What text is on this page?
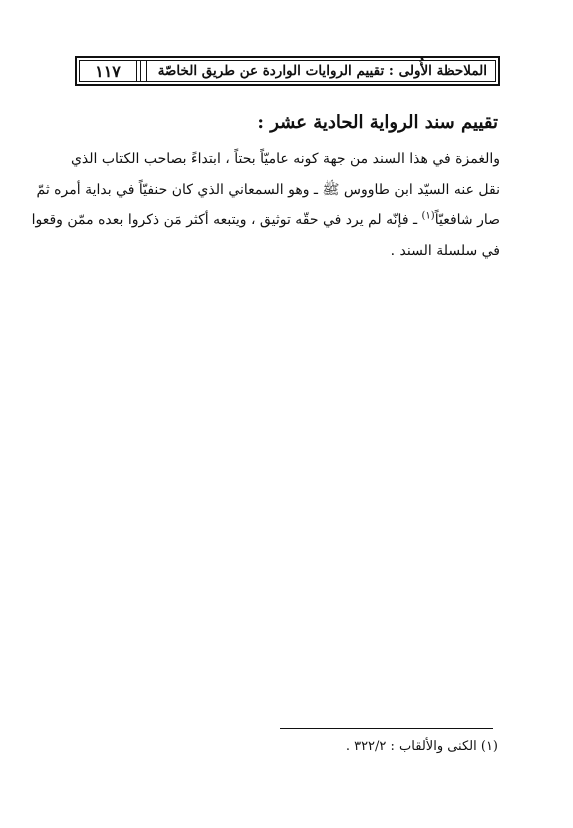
١١٧	الملاحظة الأُولى : تقييم الروايات الواردة عن طريق الخاصّة
تقييم سند الرواية الحادية عشر :
والغمزة في هذا السند من جهة كونه عاميّاً بحتاً ، ابتداءً بصاحب الكتاب الذي
نقل عنه السيّد ابن طاووس ﷺ ـ وهو السمعاني الذي كان حنفيّاً في بداية أمره ثمّ
صار شافعيّاً$^{(١)}$ ـ فإنّه لم يرد في حقّه توثيق ، ويتبعه أكثر مَن ذكروا بعده ممّن وقعوا
في سلسلة السند .
(١) الكنى والألقاب : ٣٢٢/٢ .
